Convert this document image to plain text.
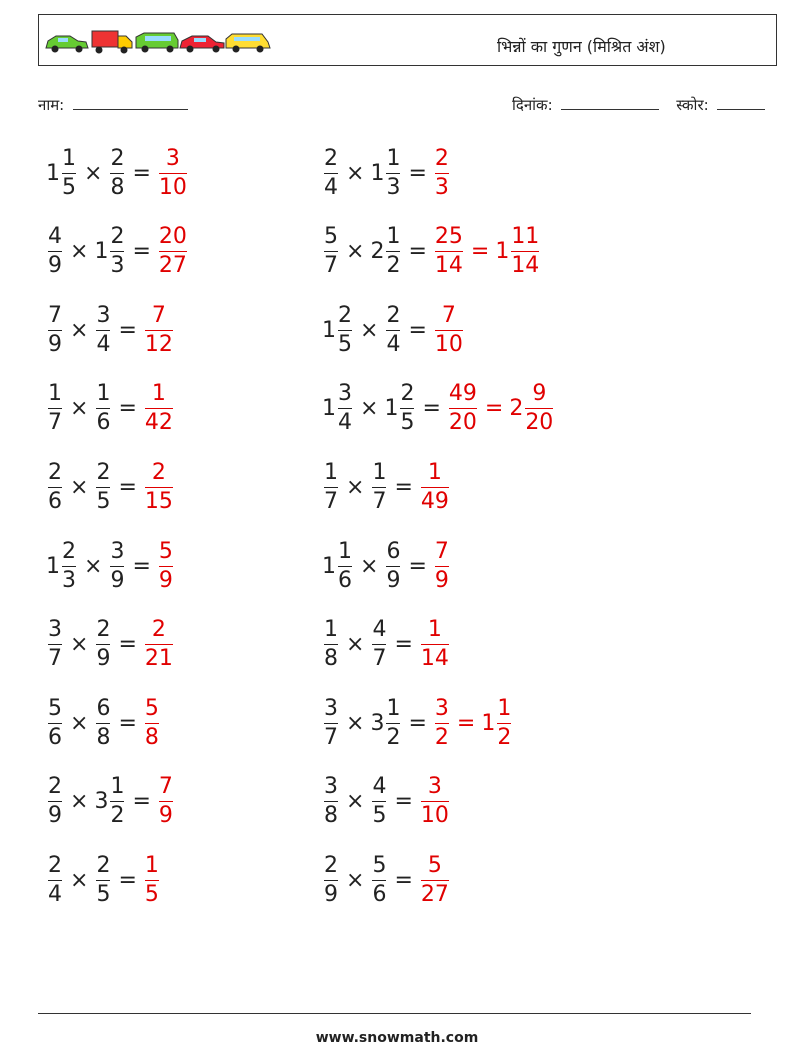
भिन्नों का गुणन (मिश्रित अंश)
नाम:	दिनांक:	स्कोर:
$1 \frac{1}{5} \times \frac{2}{8} = \frac{3}{10}$	$\frac{2}{4} \times 1 \frac{1}{3} = \frac{2}{3}$
$\frac{4}{9} \times 1 \frac{2}{3} = \frac{20}{27}$	$\frac{5}{7} \times 2 \frac{1}{2} = \frac{25}{14} = 1 \frac{11}{14}$
$\frac{7}{9} \times \frac{3}{4} = \frac{7}{12}$	$1 \frac{2}{5} \times \frac{2}{4} = \frac{7}{10}$
$\frac{1}{7} \times \frac{1}{6} = \frac{1}{42}$	$1 \frac{3}{4} \times 1 \frac{2}{5} = \frac{49}{20} = 2 \frac{9}{20}$
$\frac{2}{6} \times \frac{2}{5} = \frac{2}{15}$	$\frac{1}{7} \times \frac{1}{7} = \frac{1}{49}$
$1 \frac{2}{3} \times \frac{3}{9} = \frac{5}{9}$	$1 \frac{1}{6} \times \frac{6}{9} = \frac{7}{9}$
$\frac{3}{7} \times \frac{2}{9} = \frac{2}{21}$	$\frac{1}{8} \times \frac{4}{7} = \frac{1}{14}$
$\frac{5}{6} \times \frac{6}{8} = \frac{5}{8}$	$\frac{3}{7} \times 3 \frac{1}{2} = \frac{3}{2} = 1 \frac{1}{2}$
$\frac{2}{9} \times 3 \frac{1}{2} = \frac{7}{9}$	$\frac{3}{8} \times \frac{4}{5} = \frac{3}{10}$
$\frac{2}{4} \times \frac{2}{5} = \frac{1}{5}$	$\frac{2}{9} \times \frac{5}{6} = \frac{5}{27}$
www.snowmath.com
